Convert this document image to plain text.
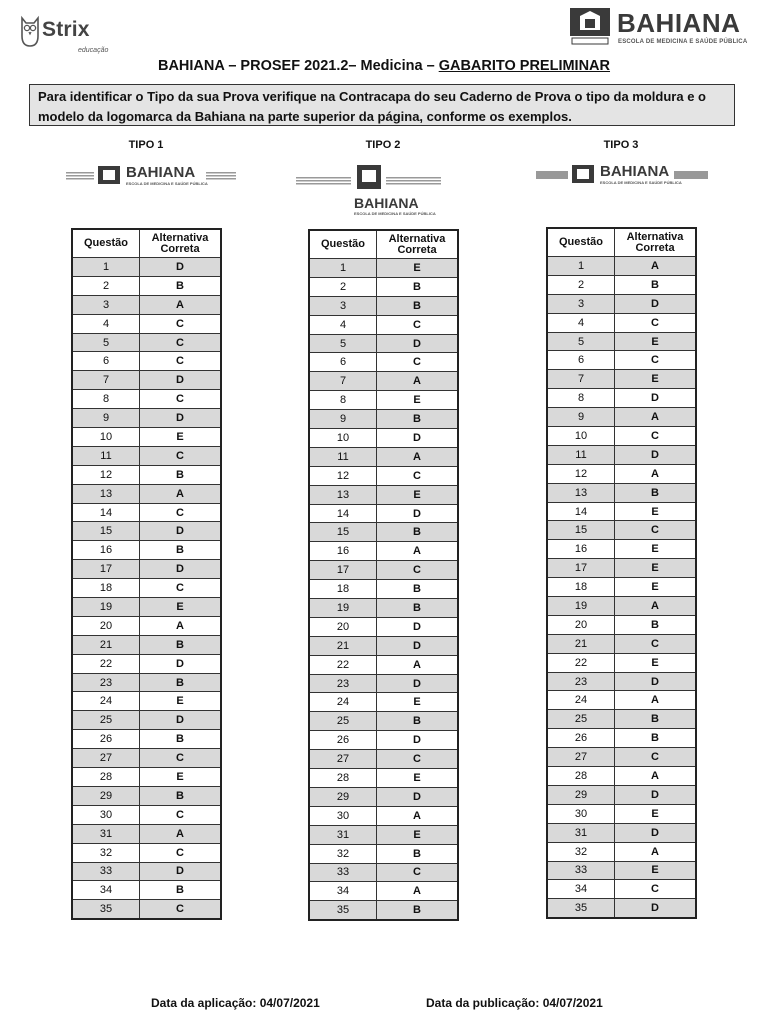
Strix
educação
BAHIANA
ESCOLA DE MEDICINA E SAÚDE PÚBLICA
BAHIANA – PROSEF 2021.2– Medicina – GABARITO PRELIMINAR
Para identificar o Tipo da sua Prova verifique na Contracapa do seu Caderno de Prova o tipo da moldura e o modelo da logomarca da Bahiana na parte superior da página, conforme os exemplos.
TIPO 1	TIPO 2	TIPO 3
BAHIANA
ESCOLA DE MEDICINA E SAÚDE PÚBLICA
BAHIANA
ESCOLA DE MEDICINA E SAÚDE PÚBLICA
BAHIANA
ESCOLA DE MEDICINA E SAÚDE PÚBLICA
Questão	Alternativa
Correta
1	D
2	B
3	A
4	C
5	C
6	C
7	D
8	C
9	D
10	E
11	C
12	B
13	A
14	C
15	D
16	B
17	D
18	C
19	E
20	A
21	B
22	D
23	B
24	E
25	D
26	B
27	C
28	E
29	B
30	C
31	A
32	C
33	D
34	B
35	C
Questão	Alternativa
Correta
1	E
2	B
3	B
4	C
5	D
6	C
7	A
8	E
9	B
10	D
11	A
12	C
13	E
14	D
15	B
16	A
17	C
18	B
19	B
20	D
21	D
22	A
23	D
24	E
25	B
26	D
27	C
28	E
29	D
30	A
31	E
32	B
33	C
34	A
35	B
Questão	Alternativa
Correta
1	A
2	B
3	D
4	C
5	E
6	C
7	E
8	D
9	A
10	C
11	D
12	A
13	B
14	E
15	C
16	E
17	E
18	E
19	A
20	B
21	C
22	E
23	D
24	A
25	B
26	B
27	C
28	A
29	D
30	E
31	D
32	A
33	E
34	C
35	D
Data da aplicação: 04/07/2021	Data da publicação: 04/07/2021
